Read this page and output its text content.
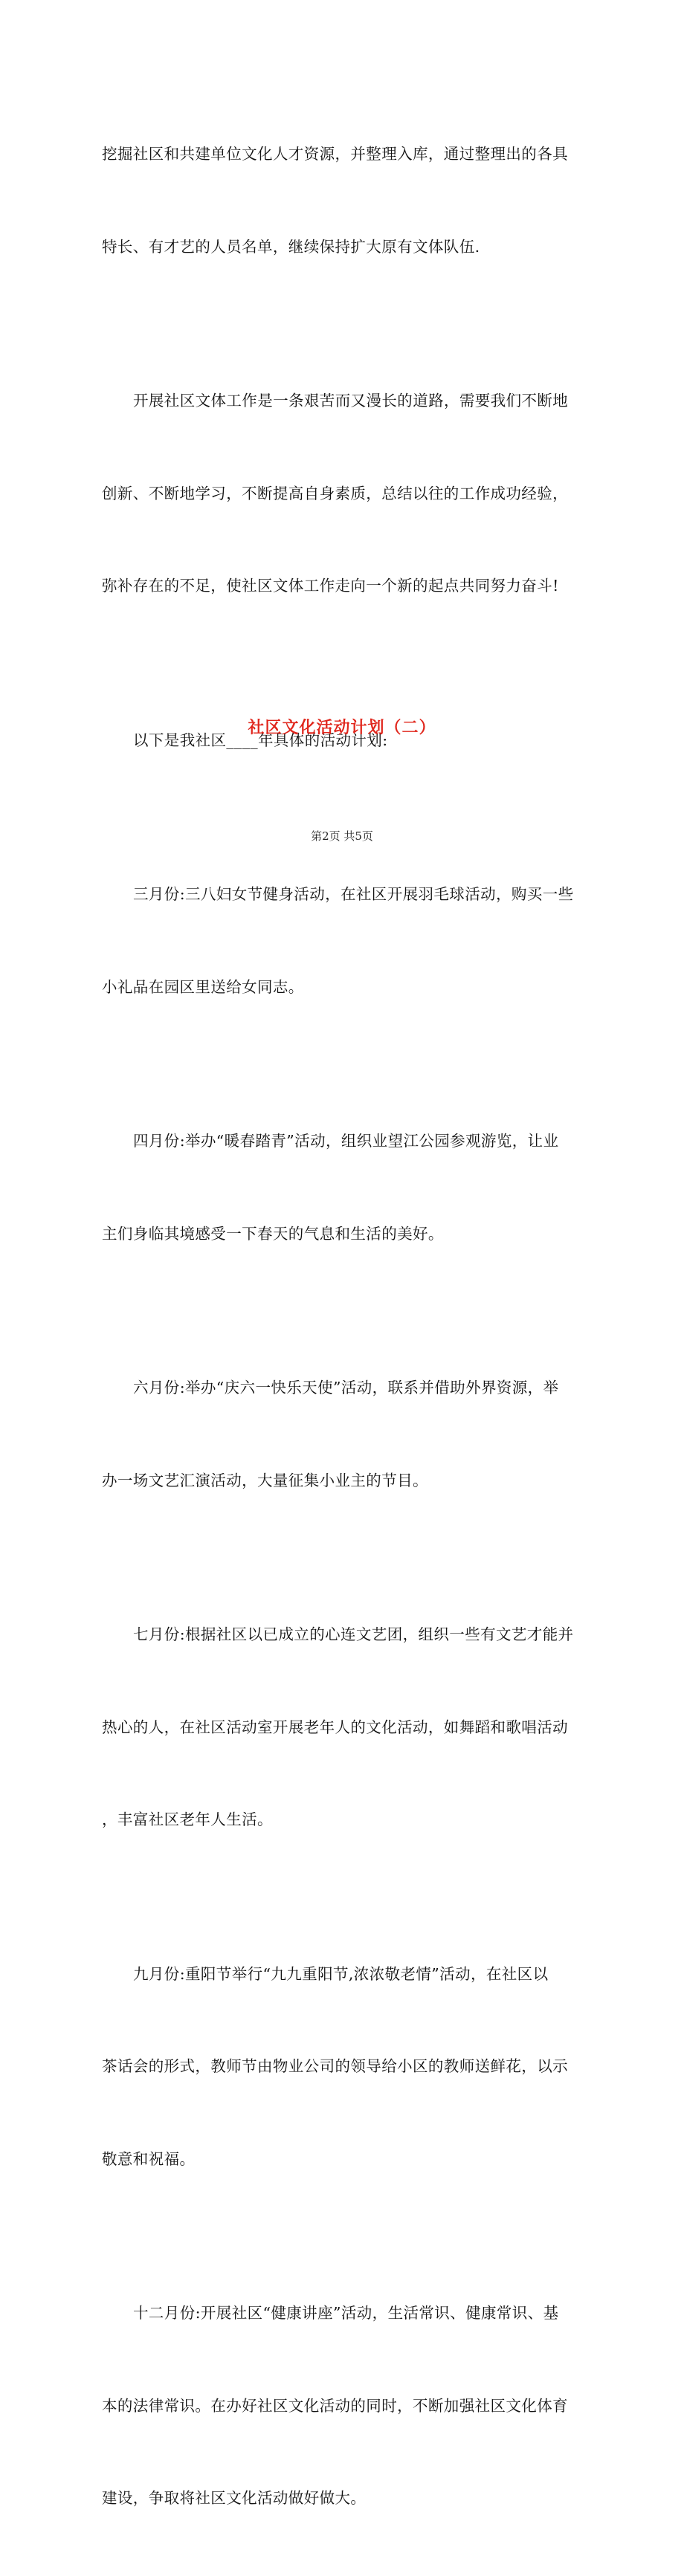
挖掘社区和共建单位文化人才资源，并整理入库，通过整理出的各具

特长、有才艺的人员名单，继续保持扩大原有文体队伍.

开展社区文体工作是一条艰苦而又漫长的道路，需要我们不断地

创新、不断地学习，不断提高自身素质，总结以往的工作成功经验，

弥补存在的不足，使社区文体工作走向一个新的起点共同努力奋斗!

以下是我社区____年具体的活动计划:

三月份:三八妇女节健身活动，在社区开展羽毛球活动，购买一些

小礼品在园区里送给女同志。

四月份:举办“暖春踏青”活动，组织业望江公园参观游览，让业

主们身临其境感受一下春天的气息和生活的美好。

六月份:举办“庆六一快乐天使”活动，联系并借助外界资源，举

办一场文艺汇演活动，大量征集小业主的节目。

七月份:根据社区以已成立的心连文艺团，组织一些有文艺才能并

热心的人，在社区活动室开展老年人的文化活动，如舞蹈和歌唱活动

，丰富社区老年人生活。

九月份:重阳节举行“九九重阳节,浓浓敬老情”活动，在社区以

茶话会的形式，教师节由物业公司的领导给小区的教师送鲜花，以示

敬意和祝福。

十二月份:开展社区“健康讲座”活动，生活常识、健康常识、基

本的法律常识。在办好社区文化活动的同时，不断加强社区文化体育

建设，争取将社区文化活动做好做大。

社区文化活动计划（二）
第2页 共5页
